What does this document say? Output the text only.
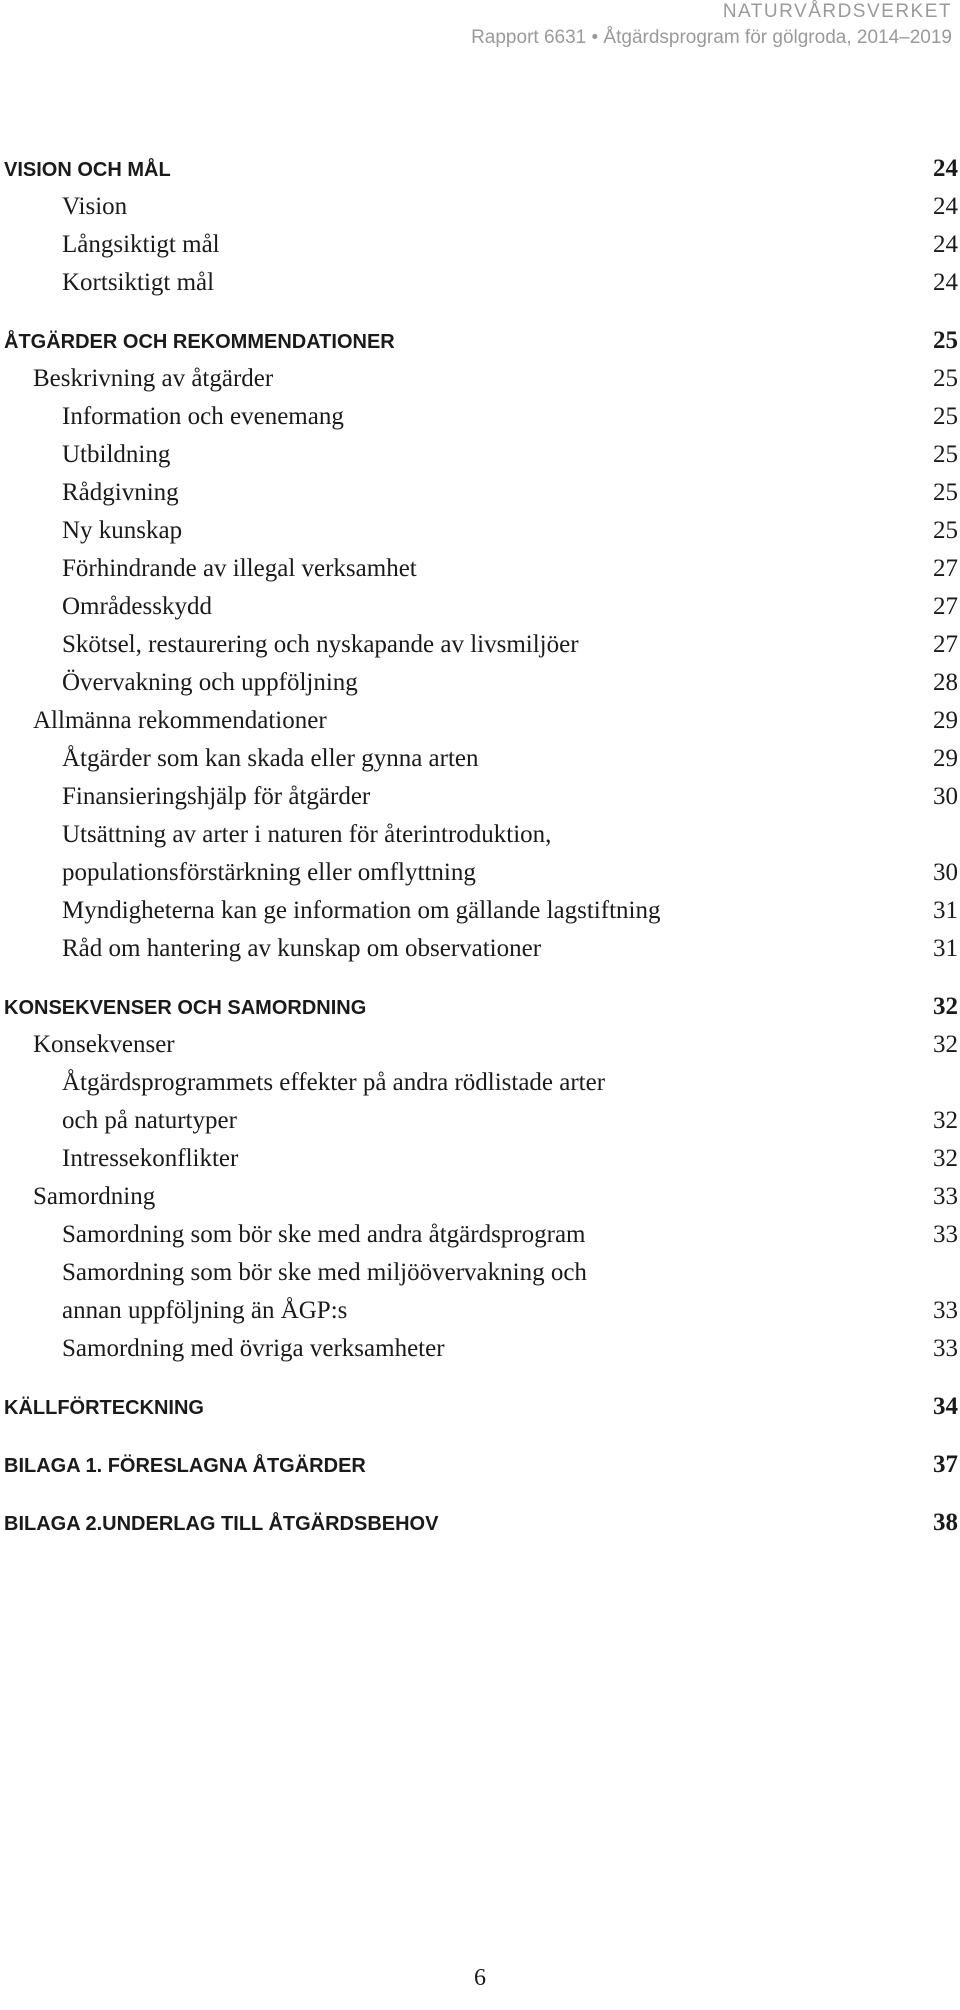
NATURVÅRDSVERKET
Rapport 6631 • Åtgärdsprogram för gölgroda, 2014–2019
VISION OCH MÅL	24
Vision	24
Långsiktigt mål	24
Kortsiktigt mål	24
ÅTGÄRDER OCH REKOMMENDATIONER	25
Beskrivning av åtgärder	25
Information och evenemang	25
Utbildning	25
Rådgivning	25
Ny kunskap	25
Förhindrande av illegal verksamhet	27
Områdesskydd	27
Skötsel, restaurering och nyskapande av livsmiljöer	27
Övervakning och uppföljning	28
Allmänna rekommendationer	29
Åtgärder som kan skada eller gynna arten	29
Finansieringshjälp för åtgärder	30
Utsättning av arter i naturen för återintroduktion,
populationsförstärkning eller omflyttning	30
Myndigheterna kan ge information om gällande lagstiftning	31
Råd om hantering av kunskap om observationer	31
KONSEKVENSER OCH SAMORDNING	32
Konsekvenser	32
Åtgärdsprogrammets effekter på andra rödlistade arter
och på naturtyper	32
Intressekonflikter	32
Samordning	33
Samordning som bör ske med andra åtgärdsprogram	33
Samordning som bör ske med miljöövervakning och
annan uppföljning än ÅGP:s	33
Samordning med övriga verksamheter	33
KÄLLFÖRTECKNING	34
BILAGA 1. FÖRESLAGNA ÅTGÄRDER	37
BILAGA 2.UNDERLAG TILL ÅTGÄRDSBEHOV	38
6
